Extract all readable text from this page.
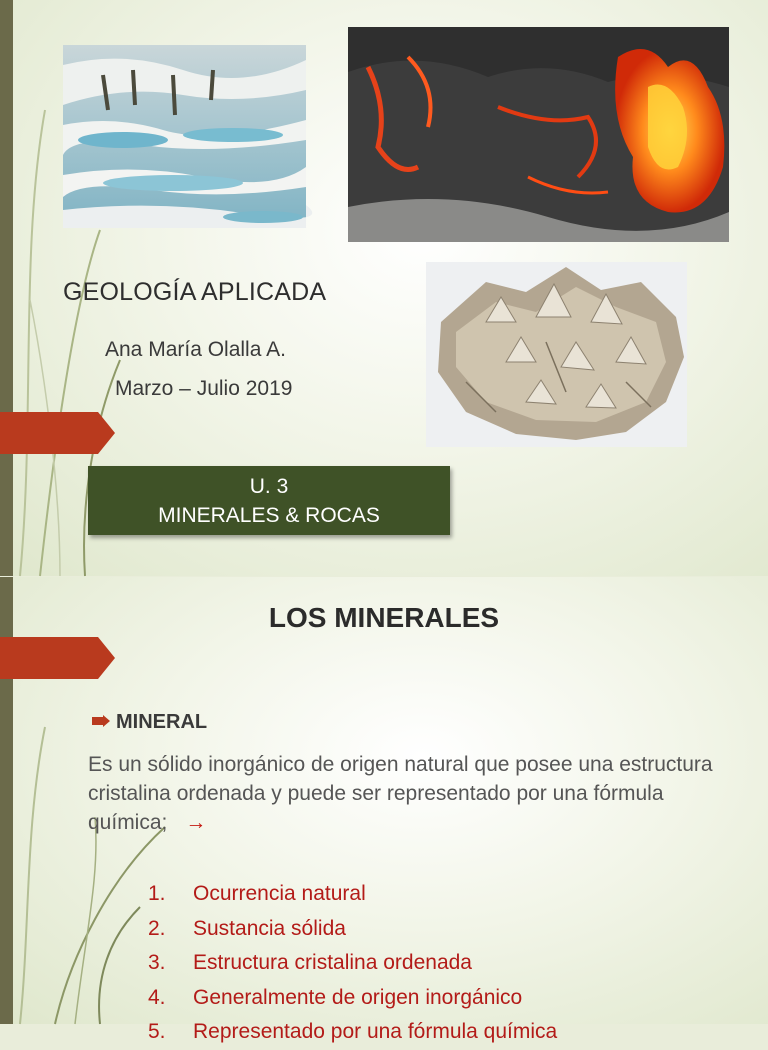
GEOLOGÍA APLICADA
Ana María Olalla A.
Marzo – Julio 2019
U. 3
MINERALES & ROCAS
LOS MINERALES
MINERAL
Es un sólido inorgánico de origen natural que posee una estructura cristalina ordenada y puede ser representado por una fórmula química; →
1. Ocurrencia natural
2. Sustancia sólida
3. Estructura cristalina ordenada
4. Generalmente de origen inorgánico
5. Representado por una fórmula química
